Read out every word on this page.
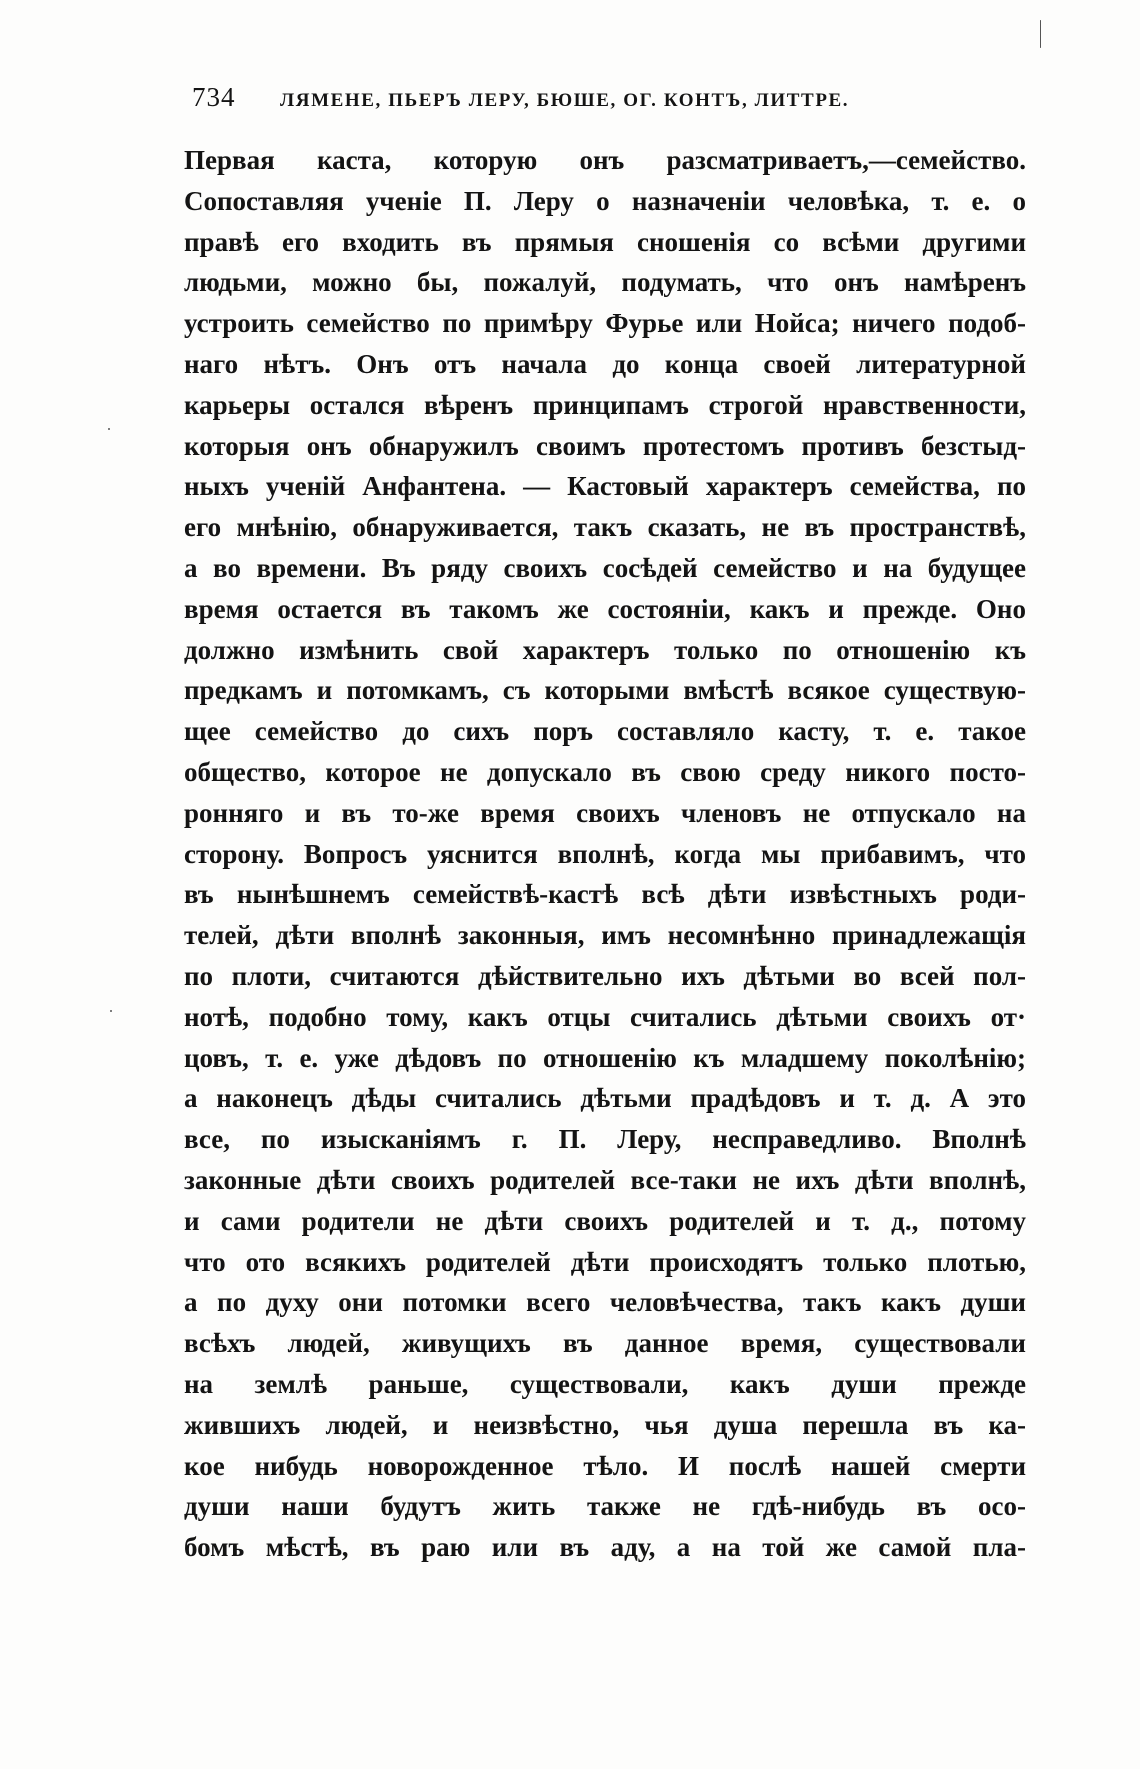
734	ЛЯМЕНЕ, ПЬЕРЪ ЛЕРУ, БЮШЕ, ОГ. КОНТЪ, ЛИТТРЕ.
Первая каста, которую онъ разсматриваетъ,—семейство.
Сопоставляя ученіе П. Леру о назначеніи человѣка, т. е. о
правѣ его входить въ прямыя сношенія со всѣми другими
людьми, можно бы, пожалуй, подумать, что онъ намѣренъ
устроить семейство по примѣру Фурье или Нойса; ничего подоб-
наго нѣтъ. Онъ отъ начала до конца своей литературной
карьеры остался вѣренъ принципамъ строгой нравственности,
которыя онъ обнаружилъ своимъ протестомъ противъ безстыд-
ныхъ ученій Анфантена. — Кастовый характеръ семейства, по
его мнѣнію, обнаруживается, такъ сказать, не въ пространствѣ,
а во времени. Въ ряду своихъ сосѣдей семейство и на будущее
время остается въ такомъ же состояніи, какъ и прежде. Оно
должно измѣнить свой характеръ только по отношенію къ
предкамъ и потомкамъ, съ которыми вмѣстѣ всякое существую-
щее семейство до сихъ поръ составляло касту, т. е. такое
общество, которое не допускало въ свою среду никого посто-
ронняго и въ то-же время своихъ членовъ не отпускало на
сторону. Вопросъ уяснится вполнѣ, когда мы прибавимъ, что
въ нынѣшнемъ семействѣ-кастѣ всѣ дѣти извѣстныхъ роди-
телей, дѣти вполнѣ законныя, имъ несомнѣнно принадлежащія
по плоти, считаются дѣйствительно ихъ дѣтьми во всей пол-
нотѣ, подобно тому, какъ отцы считались дѣтьми своихъ от·
цовъ, т. е. уже дѣдовъ по отношенію къ младшему поколѣнію;
а наконецъ дѣды считались дѣтьми прадѣдовъ и т. д. А это
все, по изысканіямъ г. П. Леру, несправедливо. Вполнѣ
законные дѣти своихъ родителей все-таки не ихъ дѣти вполнѣ,
и сами родители не дѣти своихъ родителей и т. д., потому
что ото всякихъ родителей дѣти происходятъ только плотью,
а по духу они потомки всего человѣчества, такъ какъ души
всѣхъ людей, живущихъ въ данное время, существовали
на землѣ раньше, существовали, какъ души прежде
жившихъ людей, и неизвѣстно, чья душа перешла въ ка-
кое нибудь новорожденное тѣло. И послѣ нашей смерти
души наши будутъ жить также не гдѣ-нибудь въ осо-
бомъ мѣстѣ, въ раю или въ аду, а на той же самой пла-
